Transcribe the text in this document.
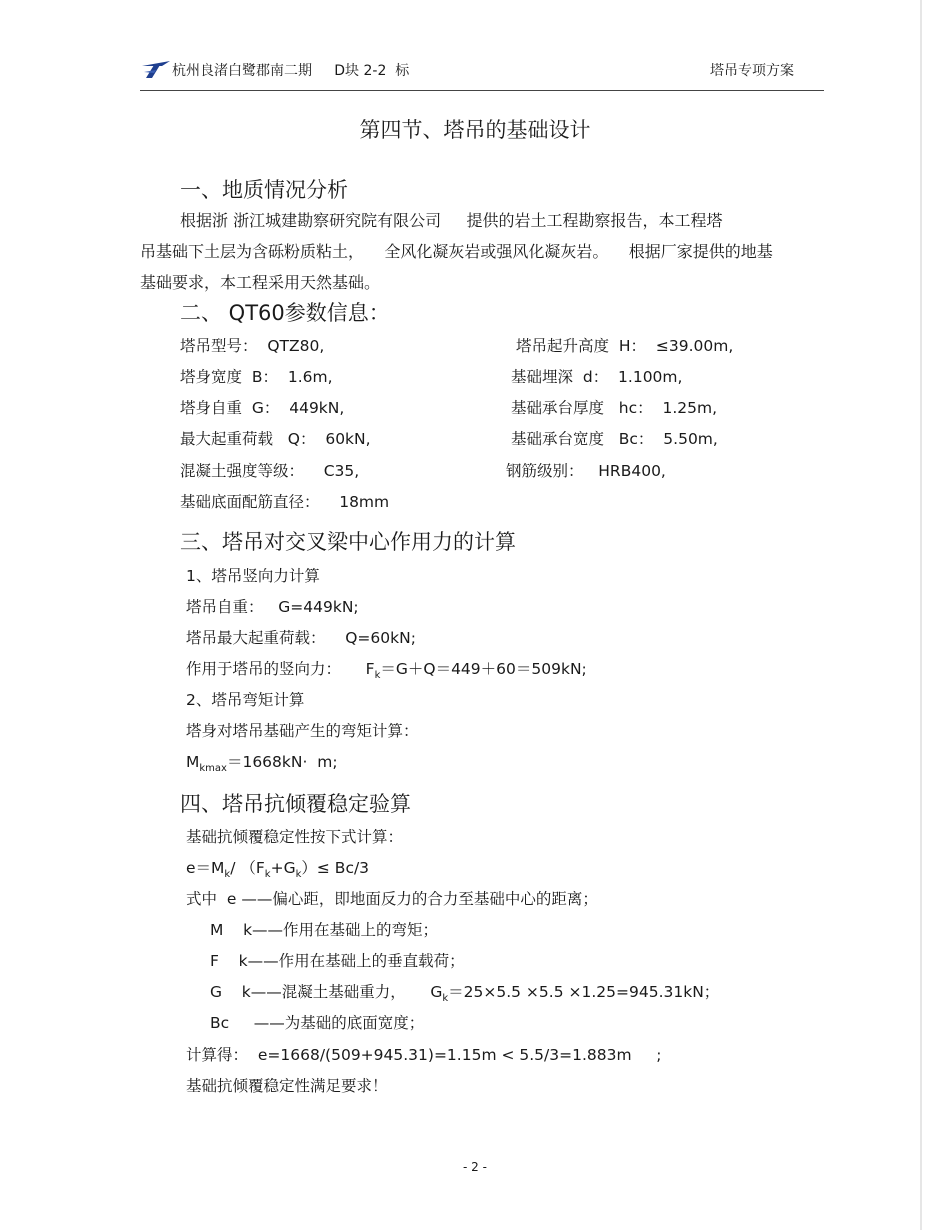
杭州良渚白鹭郡南二期     D块 2-2  标	塔吊专项方案
第四节、塔吊的基础设计
一、地质情况分析
根据浙 浙江城建勘察研究院有限公司     提供的岩土工程勘察报告，本工程塔
吊基础下土层为含砾粉质粘土，    全风化凝灰岩或强风化凝灰岩。    根据厂家提供的地基
基础要求，本工程采用天然基础。
二、 QT60参数信息：
塔吊型号：  QTZ80,	塔吊起升高度  H：  ≤39.00m,
塔身宽度  B：  1.6m,	基础埋深  d：  1.100m,
塔身自重  G：  449kN,	基础承台厚度   hc：  1.25m,
最大起重荷载   Q：  60kN,	基础承台宽度   Bc：  5.50m,
混凝土强度等级：    C35,	钢筋级别：   HRB400,
基础底面配筋直径：    18mm
三、塔吊对交叉梁中心作用力的计算
1、塔吊竖向力计算
塔吊自重：   G=449kN;
塔吊最大起重荷载：    Q=60kN;
作用于塔吊的竖向力：     $F_k=G+Q=449+60=509kN$;
2、塔吊弯矩计算
塔身对塔吊基础产生的弯矩计算：
$M_{kmax}=1668kN\cdot m$;
四、塔吊抗倾覆稳定验算
基础抗倾覆稳定性按下式计算：
$e=M_k/$ $(F_k+G_k)\le Bc/3$
式中  e ——偏心距，即地面反力的合力至基础中心的距离；
M    k——作用在基础上的弯矩；
F    k——作用在基础上的垂直载荷；
G    k——混凝土基础重力，     $G_k=25\times 5.5 \times 5.5 \times 1.25=945.31kN$；
Bc     ——为基础的底面宽度；
计算得：  e=1668/(509+945.31)=1.15m < 5.5/3=1.883m     ;
基础抗倾覆稳定性满足要求！
- 2 -
